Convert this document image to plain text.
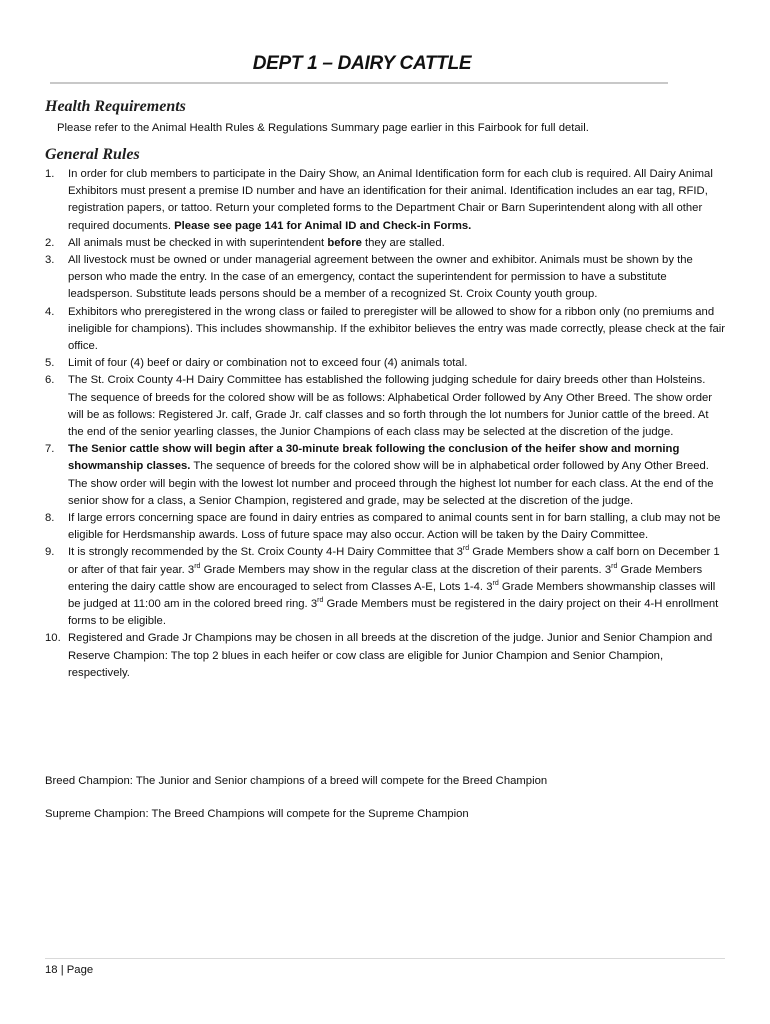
DEPT 1 – DAIRY CATTLE
Health Requirements

Please refer to the Animal Health Rules & Regulations Summary page earlier in this Fairbook for full detail.

General Rules
1. In order for club members to participate in the Dairy Show, an Animal Identification form for each club is required. All Dairy Animal Exhibitors must present a premise ID number and have an identification for their animal. Identification includes an ear tag, RFID, registration papers, or tattoo. Return your completed forms to the Department Chair or Barn Superintendent along with all other required documents. Please see page 141 for Animal ID and Check-in Forms.
2. All animals must be checked in with superintendent before they are stalled.
3. All livestock must be owned or under managerial agreement between the owner and exhibitor. Animals must be shown by the person who made the entry. In the case of an emergency, contact the superintendent for permission to have a substitute leadsperson. Substitute leads persons should be a member of a recognized St. Croix County youth group.
4. Exhibitors who preregistered in the wrong class or failed to preregister will be allowed to show for a ribbon only (no premiums and ineligible for champions). This includes showmanship. If the exhibitor believes the entry was made correctly, please check at the fair office.
5. Limit of four (4) beef or dairy or combination not to exceed four (4) animals total.
6. The St. Croix County 4-H Dairy Committee has established the following judging schedule for dairy breeds other than Holsteins. The sequence of breeds for the colored show will be as follows: Alphabetical Order followed by Any Other Breed. The show order will be as follows: Registered Jr. calf, Grade Jr. calf classes and so forth through the lot numbers for Junior cattle of the breed. At the end of the senior yearling classes, the Junior Champions of each class may be selected at the discretion of the judge.
7. The Senior cattle show will begin after a 30-minute break following the conclusion of the heifer show and morning showmanship classes. The sequence of breeds for the colored show will be in alphabetical order followed by Any Other Breed. The show order will begin with the lowest lot number and proceed through the highest lot number for each class. At the end of the senior show for a class, a Senior Champion, registered and grade, may be selected at the discretion of the judge.
8. If large errors concerning space are found in dairy entries as compared to animal counts sent in for barn stalling, a club may not be eligible for Herdsmanship awards. Loss of future space may also occur. Action will be taken by the Dairy Committee.
9. It is strongly recommended by the St. Croix County 4-H Dairy Committee that 3rd Grade Members show a calf born on December 1 or after of that fair year. 3rd Grade Members may show in the regular class at the discretion of their parents. 3rd Grade Members entering the dairy cattle show are encouraged to select from Classes A-E, Lots 1-4. 3rd Grade Members showmanship classes will be judged at 11:00 am in the colored breed ring. 3rd Grade Members must be registered in the dairy project on their 4-H enrollment forms to be eligible.
10. Registered and Grade Jr Champions may be chosen in all breeds at the discretion of the judge. Junior and Senior Champion and Reserve Champion: The top 2 blues in each heifer or cow class are eligible for Junior Champion and Senior Champion, respectively.

Breed Champion: The Junior and Senior champions of a breed will compete for the Breed Champion

Supreme Champion: The Breed Champions will compete for the Supreme Champion

18 | Page
